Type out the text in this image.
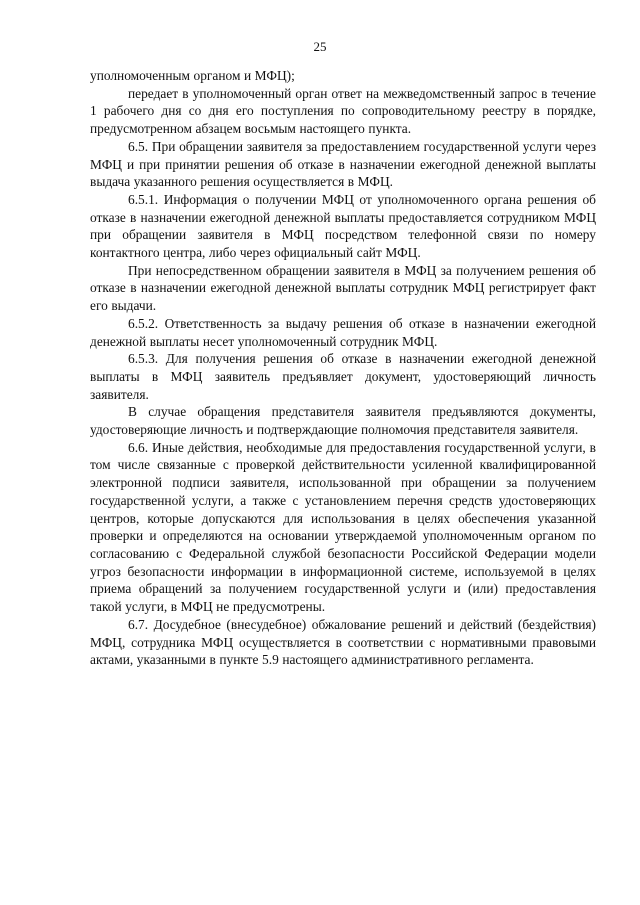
25

уполномоченным органом и МФЦ);

передает в уполномоченный орган ответ на межведомственный запрос в течение 1 рабочего дня со дня его поступления по сопроводительному реестру в порядке, предусмотренном абзацем восьмым настоящего пункта.

6.5. При обращении заявителя за предоставлением государственной услуги через МФЦ и при принятии решения об отказе в назначении ежегодной денежной выплаты выдача указанного решения осуществляется в МФЦ.

6.5.1. Информация о получении МФЦ от уполномоченного органа решения об отказе в назначении ежегодной денежной выплаты предоставляется сотрудником МФЦ при обращении заявителя в МФЦ посредством телефонной связи по номеру контактного центра, либо через официальный сайт МФЦ.

При непосредственном обращении заявителя в МФЦ за получением решения об отказе в назначении ежегодной денежной выплаты сотрудник МФЦ регистрирует факт его выдачи.

6.5.2. Ответственность за выдачу решения об отказе в назначении ежегодной денежной выплаты несет уполномоченный сотрудник МФЦ.

6.5.3. Для получения решения об отказе в назначении ежегодной денежной выплаты в МФЦ заявитель предъявляет документ, удостоверяющий личность заявителя.

В случае обращения представителя заявителя предъявляются документы, удостоверяющие личность и подтверждающие полномочия представителя заявителя.

6.6. Иные действия, необходимые для предоставления государственной услуги, в том числе связанные с проверкой действительности усиленной квалифицированной электронной подписи заявителя, использованной при обращении за получением государственной услуги, а также с установлением перечня средств удостоверяющих центров, которые допускаются для использования в целях обеспечения указанной проверки и определяются на основании утверждаемой уполномоченным органом по согласованию с Федеральной службой безопасности Российской Федерации модели угроз безопасности информации в информационной системе, используемой в целях приема обращений за получением государственной услуги и (или) предоставления такой услуги, в МФЦ не предусмотрены.

6.7. Досудебное (внесудебное) обжалование решений и действий (бездействия) МФЦ, сотрудника МФЦ осуществляется в соответствии с нормативными правовыми актами, указанными в пункте 5.9 настоящего административного регламента.
